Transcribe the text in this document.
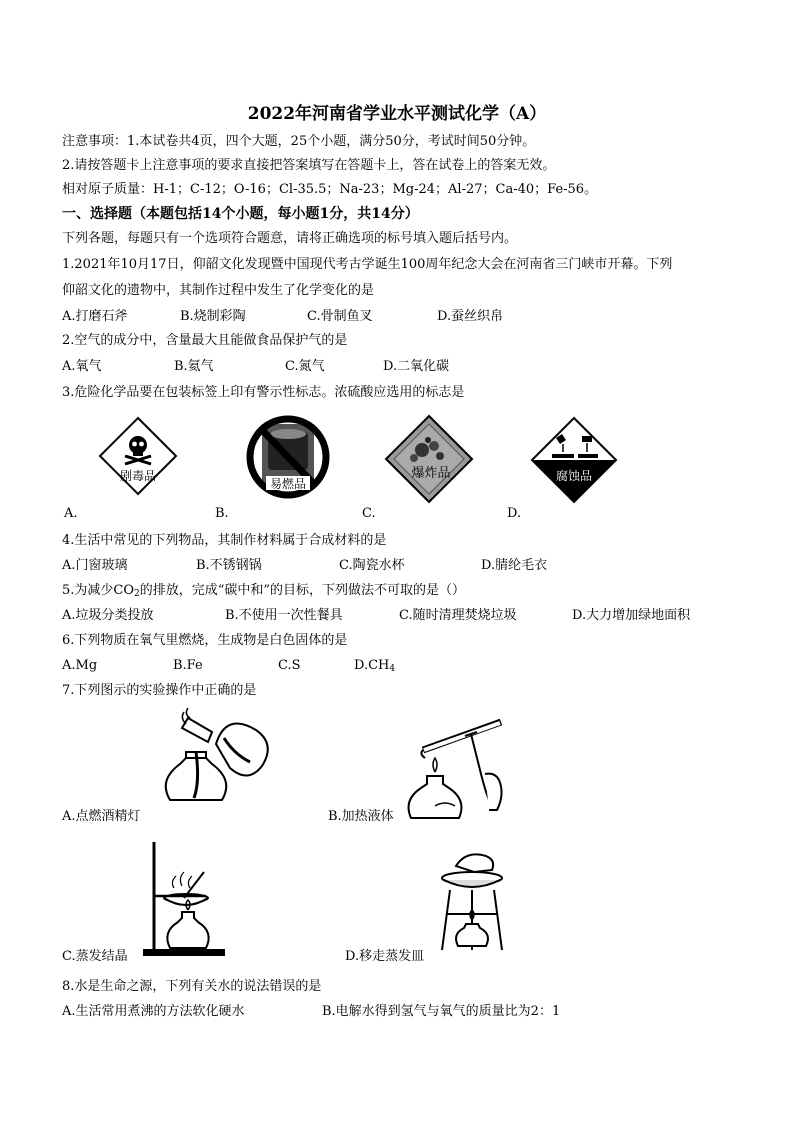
2022年河南省学业水平测试化学（A）
注意事项：1.本试卷共4页，四个大题，25个小题，满分50分，考试时间50分钟。
2.请按答题卡上注意事项的要求直接把答案填写在答题卡上，答在试卷上的答案无效。
相对原子质量：H-1；C-12；O-16；Cl-35.5；Na-23；Mg-24；Al-27；Ca-40；Fe-56。
一、选择题（本题包括14个小题，每小题1分，共14分）
下列各题，每题只有一个选项符合题意，请将正确选项的标号填入题后括号内。
1.2021年10月17日，仰韶文化发现暨中国现代考古学诞生100周年纪念大会在河南省三门峡市开幕。下列
仰韶文化的遗物中，其制作过程中发生了化学变化的是
A.打磨石斧	B.烧制彩陶	C.骨制鱼叉	D.蚕丝织帛
2.空气的成分中，含量最大且能做食品保护气的是
A.氧气	B.氦气	C.氮气	D.二氧化碳
3.危险化学品要在包装标签上印有警示性标志。浓硫酸应选用的标志是
剧毒品
易燃品
爆炸品	腐蚀品
A.	B.	C.	D.
4.生活中常见的下列物品，其制作材料属于合成材料的是
A.门窗玻璃	B.不锈钢锅	C.陶瓷水杯	D.腈纶毛衣
5.为减少$CO_2$的排放，完成“碳中和”的目标，下列做法不可取的是（）
A.垃圾分类投放	B.不使用一次性餐具	C.随时清理焚烧垃圾	D.大力增加绿地面积
6.下列物质在氧气里燃烧，生成物是白色固体的是
A.Mg	B.Fe	C.S	$D.CH_4$
7.下列图示的实验操作中正确的是
A.点燃酒精灯	B.加热液体
C.蒸发结晶	D.移走蒸发皿
8.水是生命之源，下列有关水的说法错误的是
A.生活常用煮沸的方法软化硬水	B.电解水得到氢气与氧气的质量比为2：1
